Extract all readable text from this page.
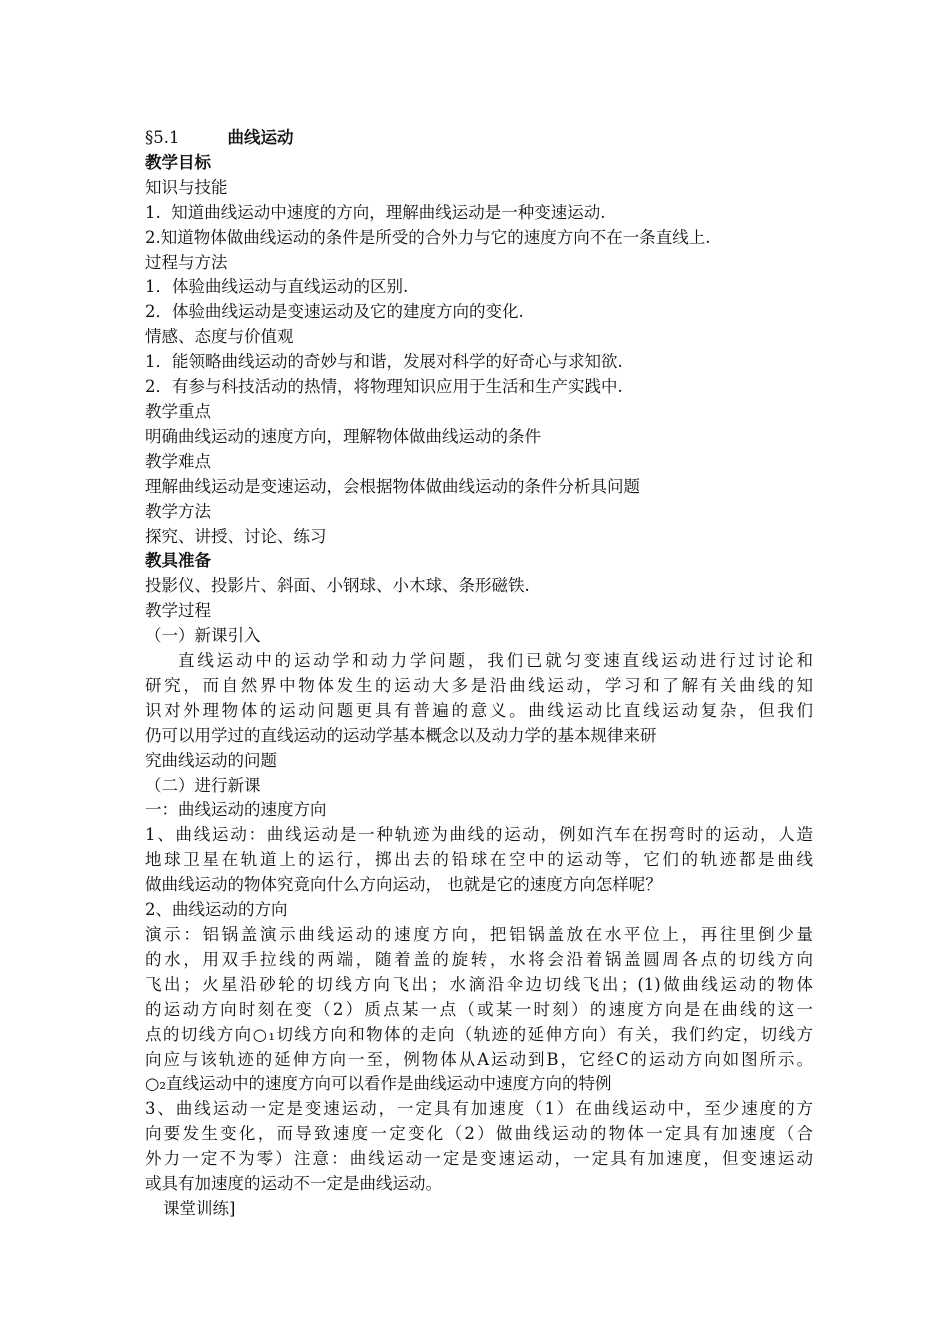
§5.1	曲线运动
教学目标
知识与技能
1.  知道曲线运动中速度的方向，理解曲线运动是一种变速运动.
2.知道物体做曲线运动的条件是所受的合外力与它的速度方向不在一条直线上.
过程与方法
1．体验曲线运动与直线运动的区别.
2．体验曲线运动是变速运动及它的建度方向的变化.
情感、态度与价值观
1．能领略曲线运动的奇妙与和谐，发展对科学的好奇心与求知欲.
2．有参与科技活动的热情，将物理知识应用于生活和生产实践中.
教学重点
明确曲线运动的速度方向，理解物体做曲线运动的条件
教学难点
理解曲线运动是变速运动，会根据物体做曲线运动的条件分析具问题
教学方法
探究、讲授、讨论、练习
教具准备
投影仪、投影片、斜面、小钢球、小木球、条形磁铁.
教学过程
（一）新课引入
直线运动中的运动学和动力学问题，我们已就匀变速直线运动进行过讨论和
研究，而自然界中物体发生的运动大多是沿曲线运动，学习和了解有关曲线的知
识对外理物体的运动问题更具有普遍的意义。曲线运动比直线运动复杂，但我们
仍可以用学过的直线运动的运动学基本概念以及动力学的基本规律来研
究曲线运动的问题
（二）进行新课
一：曲线运动的速度方向
1、曲线运动：曲线运动是一种轨迹为曲线的运动，例如汽车在拐弯时的运动，人造
地球卫星在轨道上的运行，掷出去的铅球在空中的运动等，它们的轨迹都是曲线
做曲线运动的物体究竟向什么方向运动， 也就是它的速度方向怎样呢？
2、曲线运动的方向
演示：铝锅盖演示曲线运动的速度方向，把铝锅盖放在水平位上，再往里倒少量
的水，用双手拉线的两端，随着盖的旋转，水将会沿着锅盖圆周各点的切线方向
飞出；火星沿砂轮的切线方向飞出；水滴沿伞边切线飞出；(1)做曲线运动的物体
的运动方向时刻在变（2）质点某一点（或某一时刻）的速度方向是在曲线的这一
点的切线方向○₁切线方向和物体的走向（轨迹的延伸方向）有关，我们约定，切线方
向应与该轨迹的延伸方向一至，例物体从A运动到B，它经C的运动方向如图所示。
○₂直线运动中的速度方向可以看作是曲线运动中速度方向的特例
3、曲线运动一定是变速运动，一定具有加速度（1）在曲线运动中，至少速度的方
向要发生变化，而导致速度一定变化（2）做曲线运动的物体一定具有加速度（合
外力一定不为零）注意：曲线运动一定是变速运动，一定具有加速度，但变速运动
或具有加速度的运动不一定是曲线运动。
课堂训练]
